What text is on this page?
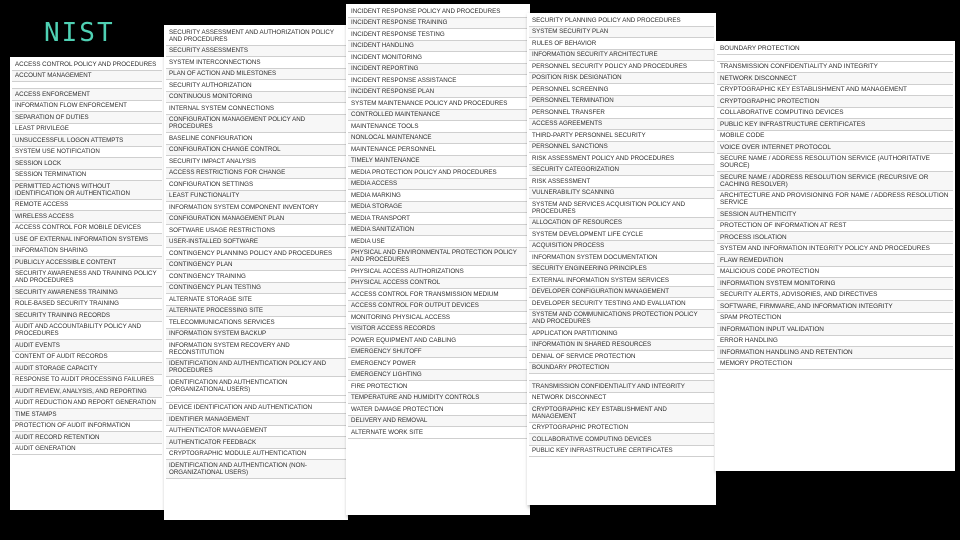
NIST
ACCESS CONTROL POLICY AND PROCEDURES
ACCOUNT MANAGEMENT
ACCESS ENFORCEMENT
INFORMATION FLOW ENFORCEMENT
SEPARATION OF DUTIES
LEAST PRIVILEGE
UNSUCCESSFUL LOGON ATTEMPTS
SYSTEM USE NOTIFICATION
SESSION LOCK
SESSION TERMINATION
PERMITTED ACTIONS WITHOUT IDENTIFICATION OR AUTHENTICATION
REMOTE ACCESS
WIRELESS ACCESS
ACCESS CONTROL FOR MOBILE DEVICES
USE OF EXTERNAL INFORMATION SYSTEMS
INFORMATION SHARING
PUBLICLY ACCESSIBLE CONTENT
SECURITY AWARENESS AND TRAINING POLICY AND PROCEDURES
SECURITY AWARENESS TRAINING
ROLE-BASED SECURITY TRAINING
SECURITY TRAINING RECORDS
AUDIT AND ACCOUNTABILITY POLICY AND PROCEDURES
AUDIT EVENTS
CONTENT OF AUDIT RECORDS
AUDIT STORAGE CAPACITY
RESPONSE TO AUDIT PROCESSING FAILURES
AUDIT REVIEW, ANALYSIS, AND REPORTING
AUDIT REDUCTION AND REPORT GENERATION
TIME STAMPS
PROTECTION OF AUDIT INFORMATION
AUDIT RECORD RETENTION
AUDIT GENERATION
SECURITY ASSESSMENT AND AUTHORIZATION POLICY AND PROCEDURES
SECURITY ASSESSMENTS
SYSTEM INTERCONNECTIONS
PLAN OF ACTION AND MILESTONES
SECURITY AUTHORIZATION
CONTINUOUS MONITORING
INTERNAL SYSTEM CONNECTIONS
CONFIGURATION MANAGEMENT POLICY AND PROCEDURES
BASELINE CONFIGURATION
CONFIGURATION CHANGE CONTROL
SECURITY IMPACT ANALYSIS
ACCESS RESTRICTIONS FOR CHANGE
CONFIGURATION SETTINGS
LEAST FUNCTIONALITY
INFORMATION SYSTEM COMPONENT INVENTORY
CONFIGURATION MANAGEMENT PLAN
SOFTWARE USAGE RESTRICTIONS
USER-INSTALLED SOFTWARE
CONTINGENCY PLANNING POLICY AND PROCEDURES
CONTINGENCY PLAN
CONTINGENCY TRAINING
CONTINGENCY PLAN TESTING
ALTERNATE STORAGE SITE
ALTERNATE PROCESSING SITE
TELECOMMUNICATIONS SERVICES
INFORMATION SYSTEM BACKUP
INFORMATION SYSTEM RECOVERY AND RECONSTITUTION
IDENTIFICATION AND AUTHENTICATION POLICY AND PROCEDURES
IDENTIFICATION AND AUTHENTICATION (ORGANIZATIONAL USERS)
DEVICE IDENTIFICATION AND AUTHENTICATION
IDENTIFIER MANAGEMENT
AUTHENTICATOR MANAGEMENT
AUTHENTICATOR FEEDBACK
CRYPTOGRAPHIC MODULE AUTHENTICATION
IDENTIFICATION AND AUTHENTICATION (NON-ORGANIZATIONAL USERS)
INCIDENT RESPONSE POLICY AND PROCEDURES
INCIDENT RESPONSE TRAINING
INCIDENT RESPONSE TESTING
INCIDENT HANDLING
INCIDENT MONITORING
INCIDENT REPORTING
INCIDENT RESPONSE ASSISTANCE
INCIDENT RESPONSE PLAN
SYSTEM MAINTENANCE POLICY AND PROCEDURES
CONTROLLED MAINTENANCE
MAINTENANCE TOOLS
NONLOCAL MAINTENANCE
MAINTENANCE PERSONNEL
TIMELY MAINTENANCE
MEDIA PROTECTION POLICY AND PROCEDURES
MEDIA ACCESS
MEDIA MARKING
MEDIA STORAGE
MEDIA TRANSPORT
MEDIA SANITIZATION
MEDIA USE
PHYSICAL AND ENVIRONMENTAL PROTECTION POLICY AND PROCEDURES
PHYSICAL ACCESS AUTHORIZATIONS
PHYSICAL ACCESS CONTROL
ACCESS CONTROL FOR TRANSMISSION MEDIUM
ACCESS CONTROL FOR OUTPUT DEVICES
MONITORING PHYSICAL ACCESS
VISITOR ACCESS RECORDS
POWER EQUIPMENT AND CABLING
EMERGENCY SHUTOFF
EMERGENCY POWER
EMERGENCY LIGHTING
FIRE PROTECTION
TEMPERATURE AND HUMIDITY CONTROLS
WATER DAMAGE PROTECTION
DELIVERY AND REMOVAL
ALTERNATE WORK SITE
SECURITY PLANNING POLICY AND PROCEDURES
SYSTEM SECURITY PLAN
RULES OF BEHAVIOR
INFORMATION SECURITY ARCHITECTURE
PERSONNEL SECURITY POLICY AND PROCEDURES
POSITION RISK DESIGNATION
PERSONNEL SCREENING
PERSONNEL TERMINATION
PERSONNEL TRANSFER
ACCESS AGREEMENTS
THIRD-PARTY PERSONNEL SECURITY
PERSONNEL SANCTIONS
RISK ASSESSMENT POLICY AND PROCEDURES
SECURITY CATEGORIZATION
RISK ASSESSMENT
VULNERABILITY SCANNING
SYSTEM AND SERVICES ACQUISITION POLICY AND PROCEDURES
ALLOCATION OF RESOURCES
SYSTEM DEVELOPMENT LIFE CYCLE
ACQUISITION PROCESS
INFORMATION SYSTEM DOCUMENTATION
SECURITY ENGINEERING PRINCIPLES
EXTERNAL INFORMATION SYSTEM SERVICES
DEVELOPER CONFIGURATION MANAGEMENT
DEVELOPER SECURITY TESTING AND EVALUATION
SYSTEM AND COMMUNICATIONS PROTECTION POLICY AND PROCEDURES
APPLICATION PARTITIONING
INFORMATION IN SHARED RESOURCES
DENIAL OF SERVICE PROTECTION
BOUNDARY PROTECTION
TRANSMISSION CONFIDENTIALITY AND INTEGRITY
NETWORK DISCONNECT
CRYPTOGRAPHIC KEY ESTABLISHMENT AND MANAGEMENT
CRYPTOGRAPHIC PROTECTION
COLLABORATIVE COMPUTING DEVICES
PUBLIC KEY INFRASTRUCTURE CERTIFICATES
BOUNDARY PROTECTION
TRANSMISSION CONFIDENTIALITY AND INTEGRITY
NETWORK DISCONNECT
CRYPTOGRAPHIC KEY ESTABLISHMENT AND MANAGEMENT
CRYPTOGRAPHIC PROTECTION
COLLABORATIVE COMPUTING DEVICES
PUBLIC KEY INFRASTRUCTURE CERTIFICATES
MOBILE CODE
VOICE OVER INTERNET PROTOCOL
SECURE NAME / ADDRESS RESOLUTION SERVICE (AUTHORITATIVE SOURCE)
SECURE NAME / ADDRESS RESOLUTION SERVICE (RECURSIVE OR CACHING RESOLVER)
ARCHITECTURE AND PROVISIONING FOR NAME / ADDRESS RESOLUTION SERVICE
SESSION AUTHENTICITY
PROTECTION OF INFORMATION AT REST
PROCESS ISOLATION
SYSTEM AND INFORMATION INTEGRITY POLICY AND PROCEDURES
FLAW REMEDIATION
MALICIOUS CODE PROTECTION
INFORMATION SYSTEM MONITORING
SECURITY ALERTS, ADVISORIES, AND DIRECTIVES
SOFTWARE, FIRMWARE, AND INFORMATION INTEGRITY
SPAM PROTECTION
INFORMATION INPUT VALIDATION
ERROR HANDLING
INFORMATION HANDLING AND RETENTION
MEMORY PROTECTION
